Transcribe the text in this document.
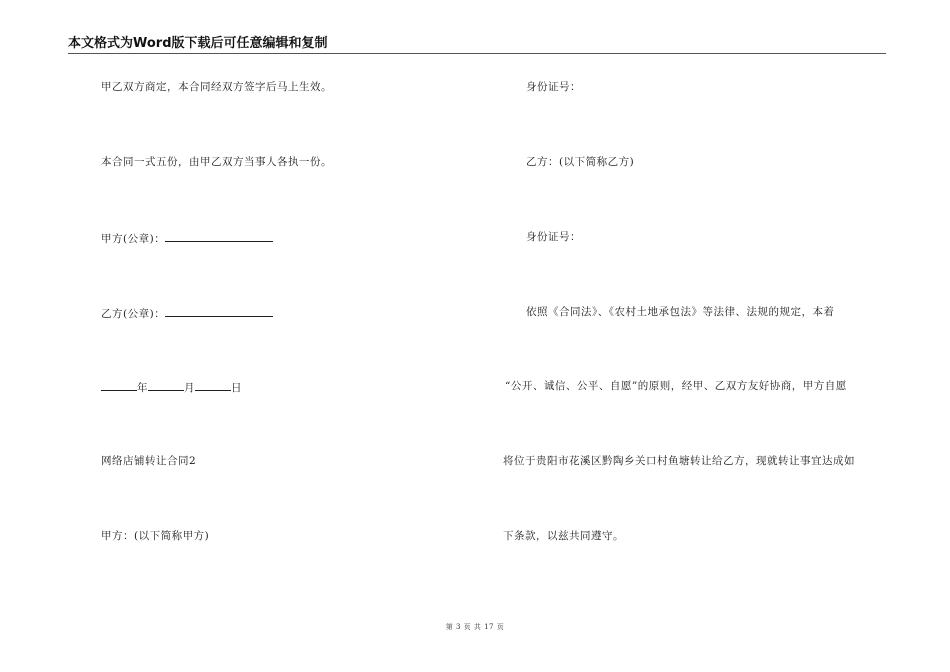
本文格式为Word版下载后可任意编辑和复制
甲乙双方商定，本合同经双方签字后马上生效。
本合同一式五份，由甲乙双方当事人各执一份。
甲方(公章)：
乙方(公章)：
年	月	日
网络店铺转让合同2
甲方：(以下简称甲方)
身份证号：
乙方：(以下简称乙方)
身份证号：
依照《合同法》、《农村土地承包法》等法律、法规的规定，本着
“公开、诚信、公平、自愿”的原则，经甲、乙双方友好协商，甲方自愿
将位于贵阳市花溪区黔陶乡关口村鱼塘转让给乙方，现就转让事宜达成如
下条款，以兹共同遵守。
第 3 页 共 17 页
